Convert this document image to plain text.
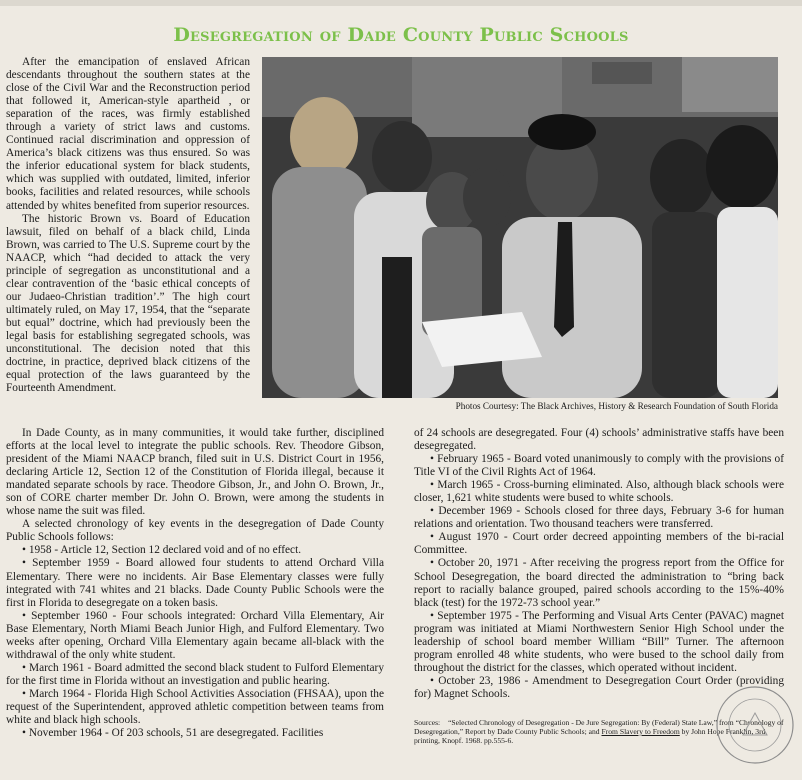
Desegregation of Dade County Public Schools

After the emancipation of enslaved African descendants throughout the southern states at the close of the Civil War and the Reconstruction period that followed it, American-style apartheid , or separation of the races, was firmly established through a variety of strict laws and customs. Continued racial discrimination and oppression of America’s black citizens was thus ensured. So was the inferior educational system for black students, which was supplied with outdated, limited, inferior books, facilities and related resources, while schools attended by whites benefited from superior resources.

The historic Brown vs. Board of Education lawsuit, filed on behalf of a black child, Linda Brown, was carried to The U.S. Supreme court by the NAACP, which “had decided to attack the very principle of segregation as unconstitutional and a clear contravention of the ‘basic ethical concepts of our Judaeo-Christian tradition’.” The high court ultimately ruled, on May 17, 1954, that the “separate but equal” doctrine, which had previously been the legal basis for establishing segregated schools, was unconstitutional. The decision noted that this doctrine, in practice, deprived black citizens of the equal protection of the laws guaranteed by the Fourteenth Amendment.

Photos Courtesy: The Black Archives, History & Research Foundation of South Florida

In Dade County, as in many communities, it would take further, disciplined efforts at the local level to integrate the public schools. Rev. Theodore Gibson, president of the Miami NAACP branch, filed suit in U.S. District Court in 1956, declaring Article 12, Section 12 of the Constitution of Florida illegal, because it mandated separate schools by race. Theodore Gibson, Jr., and John O. Brown, Jr., son of CORE charter member Dr. John O. Brown, were among the students in whose name the suit was filed.

A selected chronology of key events in the desegregation of Dade County Public Schools follows:

• 1958 - Article 12, Section 12 declared void and of no effect.

• September 1959 - Board allowed four students to attend Orchard Villa Elementary. There were no incidents. Air Base Elementary classes were fully integrated with 741 whites and 21 blacks. Dade County Public Schools were the first in Florida to desegregate on a token basis.

• September 1960 - Four schools integrated: Orchard Villa Elementary, Air Base Elementary, North Miami Beach Junior High, and Fulford Elementary. Two weeks after opening, Orchard Villa Elementary again became all-black with the withdrawal of the only white student.

• March 1961 - Board admitted the second black student to Fulford Elementary for the first time in Florida without an investigation and public hearing.

• March 1964 - Florida High School Activities Association (FHSAA), upon the request of the Superintendent, approved athletic competition between teams from white and black high schools.

• November 1964 - Of 203 schools, 51 are desegregated. Facilities

of 24 schools are desegregated. Four (4) schools’ administrative staffs have been desegregated.

• February 1965 - Board voted unanimously to comply with the provisions of Title VI of the Civil Rights Act of 1964.

• March 1965 - Cross-burning eliminated. Also, although black schools were closer, 1,621 white students were bused to white schools.

• December 1969 - Schools closed for three days, February 3-6 for human relations and orientation. Two thousand teachers were transferred.

• August 1970 - Court order decreed appointing members of the bi-racial Committee.

• October 20, 1971 - After receiving the progress report from the Office for School Desegregation, the board directed the administration to “bring back report to racially balance grouped, paired schools according to the 15%-40% black (test) for the 1972-73 school year.”

• September 1975 - The Performing and Visual Arts Center (PAVAC) magnet program was initiated at Miami Northwestern Senior High School under the leadership of school board member William “Bill” Turner. The afternoon program enrolled 48 white students, who were bused to the school daily from throughout the district for the classes, which operated without incident.

• October 23, 1986 - Amendment to Desegregation Court Order (providing for) Magnet Schools.

Sources: “Selected Chronology of Desegregation - De Jure Segregation: By (Federal) State Law,” from “Chronology of Desegregation,” Report by Dade County Public Schools; and From Slavery to Freedom by John Hope Franklin, 3rd printing, Knopf. 1968. pp.555-6.
